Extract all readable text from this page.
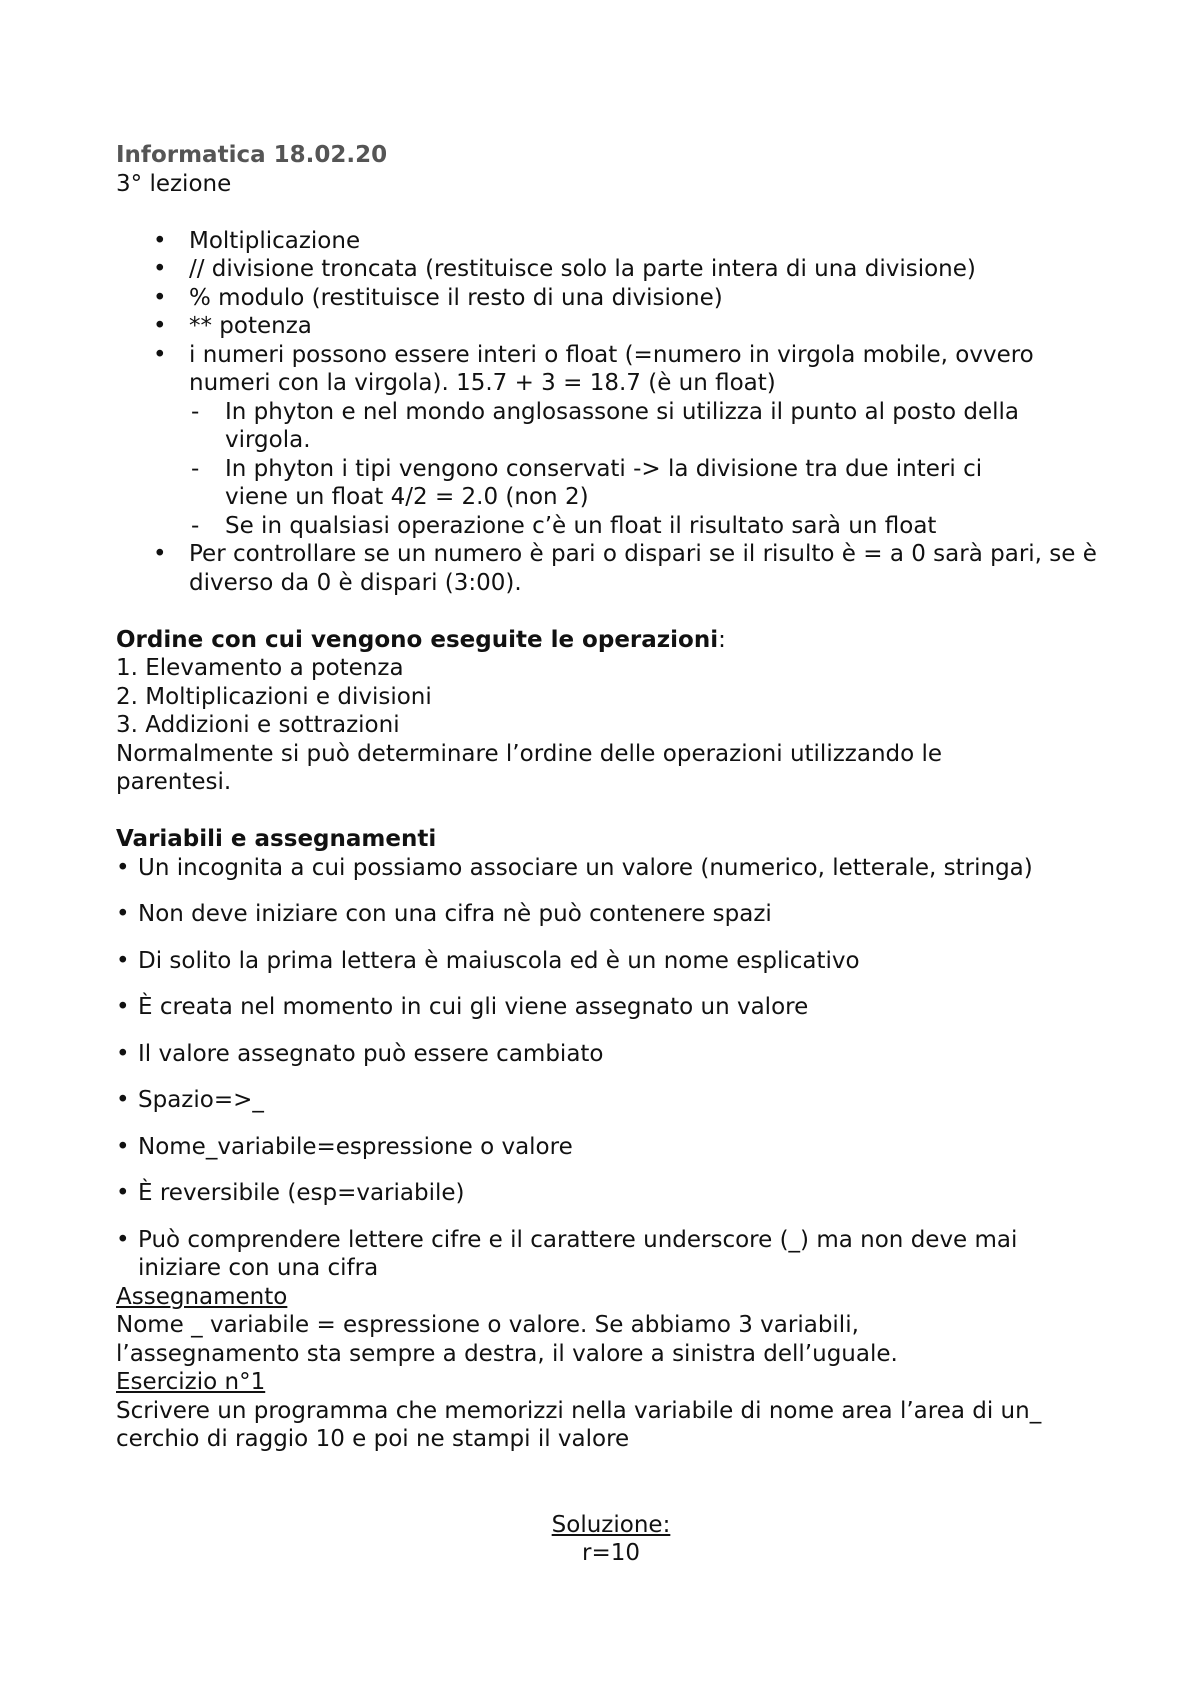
Informatica 18.02.20
3° lezione
• Moltiplicazione
• // divisione troncata (restituisce solo la parte intera di una divisione)
• % modulo (restituisce il resto di una divisione)
• ** potenza
• i numeri possono essere interi o float (=numero in virgola mobile, ovvero numeri con la virgola). 15.7 + 3 = 18.7 (è un float)
- In phyton e nel mondo anglosassone si utilizza il punto al posto della virgola.
- In phyton i tipi vengono conservati -> la divisione tra due interi ci viene un float 4/2 = 2.0 (non 2)
- Se in qualsiasi operazione c’è un float il risultato sarà un float
• Per controllare se un numero è pari o dispari se il risulto è = a 0 sarà pari, se è diverso da 0 è dispari (3:00).
Ordine con cui vengono eseguite le operazioni:
1. Elevamento a potenza
2. Moltiplicazioni e divisioni
3. Addizioni e sottrazioni
Normalmente si può determinare l’ordine delle operazioni utilizzando le parentesi.
Variabili e assegnamenti
• Un incognita a cui possiamo associare un valore (numerico, letterale, stringa)
• Non deve iniziare con una cifra nè può contenere spazi
• Di solito la prima lettera è maiuscola ed è un nome esplicativo
• È creata nel momento in cui gli viene assegnato un valore
• Il valore assegnato può essere cambiato
• Spazio=>_
• Nome_variabile=espressione o valore
• È reversibile (esp=variabile)
• Può comprendere lettere cifre e il carattere underscore (_) ma non deve mai iniziare con una cifra
Assegnamento
Nome _ variabile = espressione o valore. Se abbiamo 3 variabili, l’assegnamento sta sempre a destra, il valore a sinistra dell’uguale.
Esercizio n°1
Scrivere un programma che memorizzi nella variabile di nome area l’area di un_ cerchio di raggio 10 e poi ne stampi il valore
Soluzione:
r=10
